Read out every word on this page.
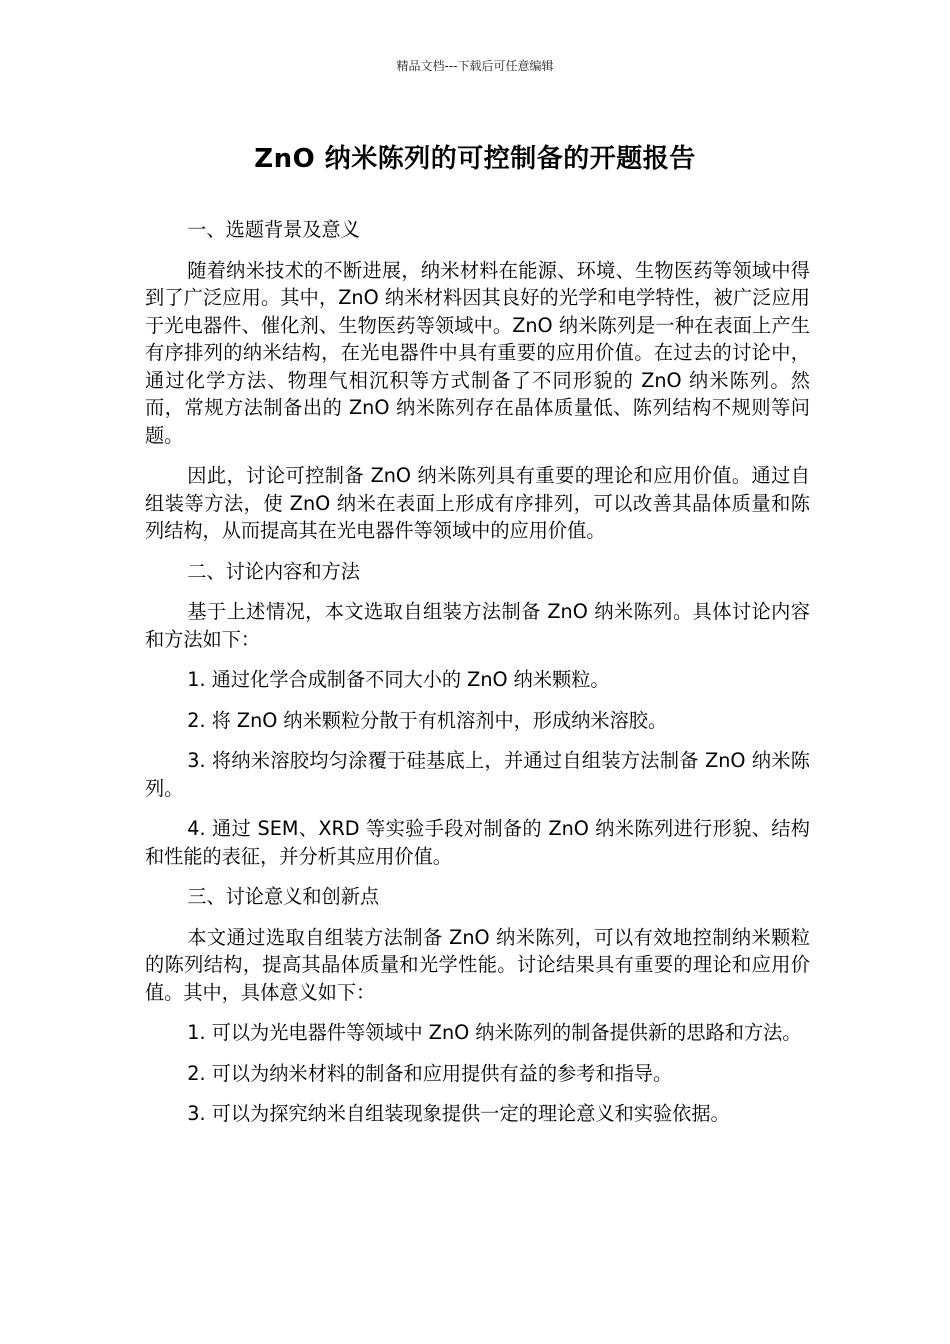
精品文档---下载后可任意编辑
ZnO 纳米陈列的可控制备的开题报告

一、选题背景及意义

随着纳米技术的不断进展，纳米材料在能源、环境、生物医药等领域中得到了广泛应用。其中，ZnO 纳米材料因其良好的光学和电学特性，被广泛应用于光电器件、催化剂、生物医药等领域中。ZnO 纳米陈列是一种在表面上产生有序排列的纳米结构，在光电器件中具有重要的应用价值。在过去的讨论中，通过化学方法、物理气相沉积等方式制备了不同形貌的 ZnO 纳米陈列。然而，常规方法制备出的 ZnO 纳米陈列存在晶体质量低、陈列结构不规则等问题。

因此，讨论可控制备 ZnO 纳米陈列具有重要的理论和应用价值。通过自组装等方法，使 ZnO 纳米在表面上形成有序排列，可以改善其晶体质量和陈列结构，从而提高其在光电器件等领域中的应用价值。

二、讨论内容和方法

基于上述情况，本文选取自组装方法制备 ZnO 纳米陈列。具体讨论内容和方法如下：

1. 通过化学合成制备不同大小的 ZnO 纳米颗粒。

2. 将 ZnO 纳米颗粒分散于有机溶剂中，形成纳米溶胶。

3. 将纳米溶胶均匀涂覆于硅基底上，并通过自组装方法制备 ZnO 纳米陈列。

4. 通过 SEM、XRD 等实验手段对制备的 ZnO 纳米陈列进行形貌、结构和性能的表征，并分析其应用价值。

三、讨论意义和创新点

本文通过选取自组装方法制备 ZnO 纳米陈列，可以有效地控制纳米颗粒的陈列结构，提高其晶体质量和光学性能。讨论结果具有重要的理论和应用价值。其中，具体意义如下：

1. 可以为光电器件等领域中 ZnO 纳米陈列的制备提供新的思路和方法。

2. 可以为纳米材料的制备和应用提供有益的参考和指导。

3. 可以为探究纳米自组装现象提供一定的理论意义和实验依据。
